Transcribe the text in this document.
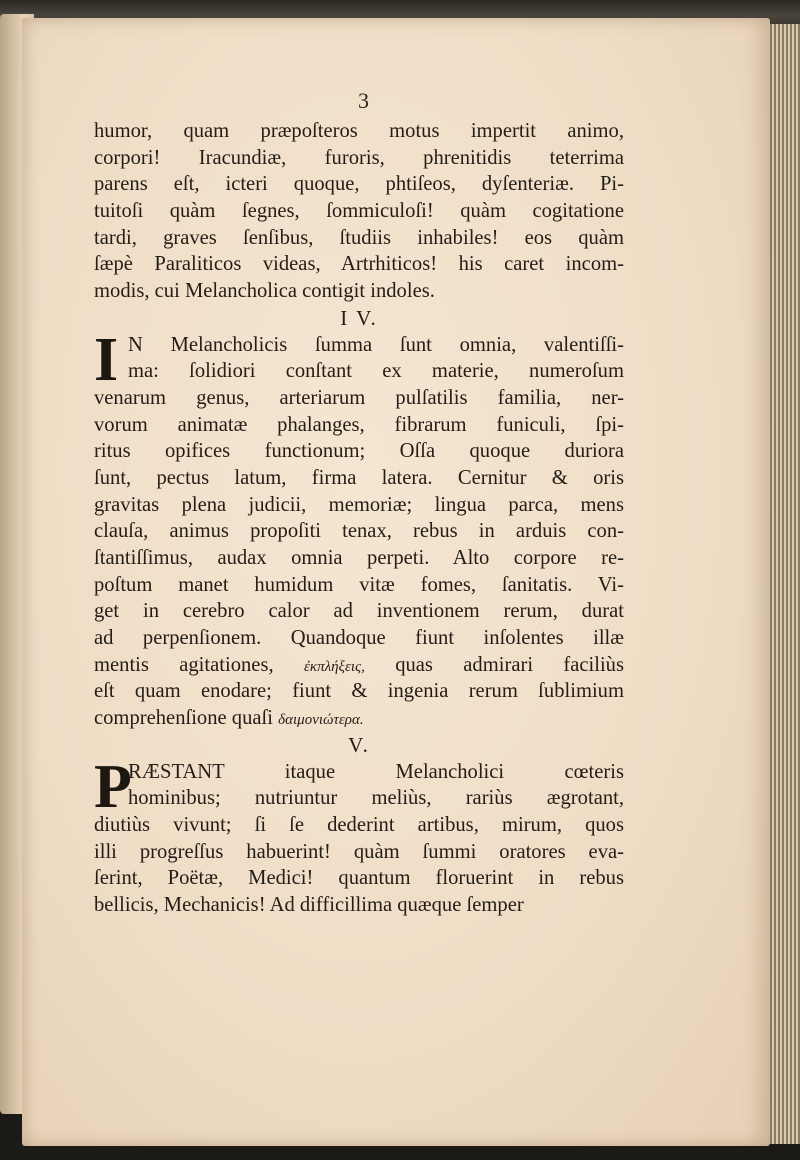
3
humor, quam præpoſteros motus impertit animo,
corpori! Iracundiæ, furoris, phrenitidis teterrima
parens eſt, icteri quoque, phtiſeos, dyſenteriæ. Pi-
tuitoſi quàm ſegnes, ſommiculoſi! quàm cogitatione
tardi, graves ſenſibus, ſtudiis inhabiles! eos quàm
ſæpè Paraliticos videas, Artrhiticos! his caret incom-
modis, cui Melancholica contigit indoles.
I V.
I N Melancholicis ſumma ſunt omnia, valentiſſi-
ma: ſolidiori conſtant ex materie, numeroſum
venarum genus, arteriarum pulſatilis familia, ner-
vorum animatæ phalanges, fibrarum funiculi, ſpi-
ritus opifices functionum; Oſſa quoque duriora
ſunt, pectus latum, firma latera. Cernitur & oris
gravitas plena judicii, memoriæ; lingua parca, mens
clauſa, animus propoſiti tenax, rebus in arduis con-
ſtantiſſimus, audax omnia perpeti. Alto corpore re-
poſtum manet humidum vitæ fomes, ſanitatis. Vi-
get in cerebro calor ad inventionem rerum, durat
ad perpenſionem. Quandoque fiunt inſolentes illæ
mentis agitationes, ἐκπλήξεις, quas admirari faciliùs
eſt quam enodare; fiunt & ingenia rerum ſublimium
comprehenſione quaſi δαιμονιώτερα.
V.
P
RÆSTANT itaque Melancholici cœteris
hominibus; nutriuntur meliùs, rariùs ægrotant,
diutiùs vivunt; ſi ſe dederint artibus, mirum, quos
illi progreſſus habuerint! quàm ſummi oratores eva-
ſerint, Poëtæ, Medici! quantum floruerint in rebus
bellicis, Mechanicis! Ad difficillima quæque ſemper
